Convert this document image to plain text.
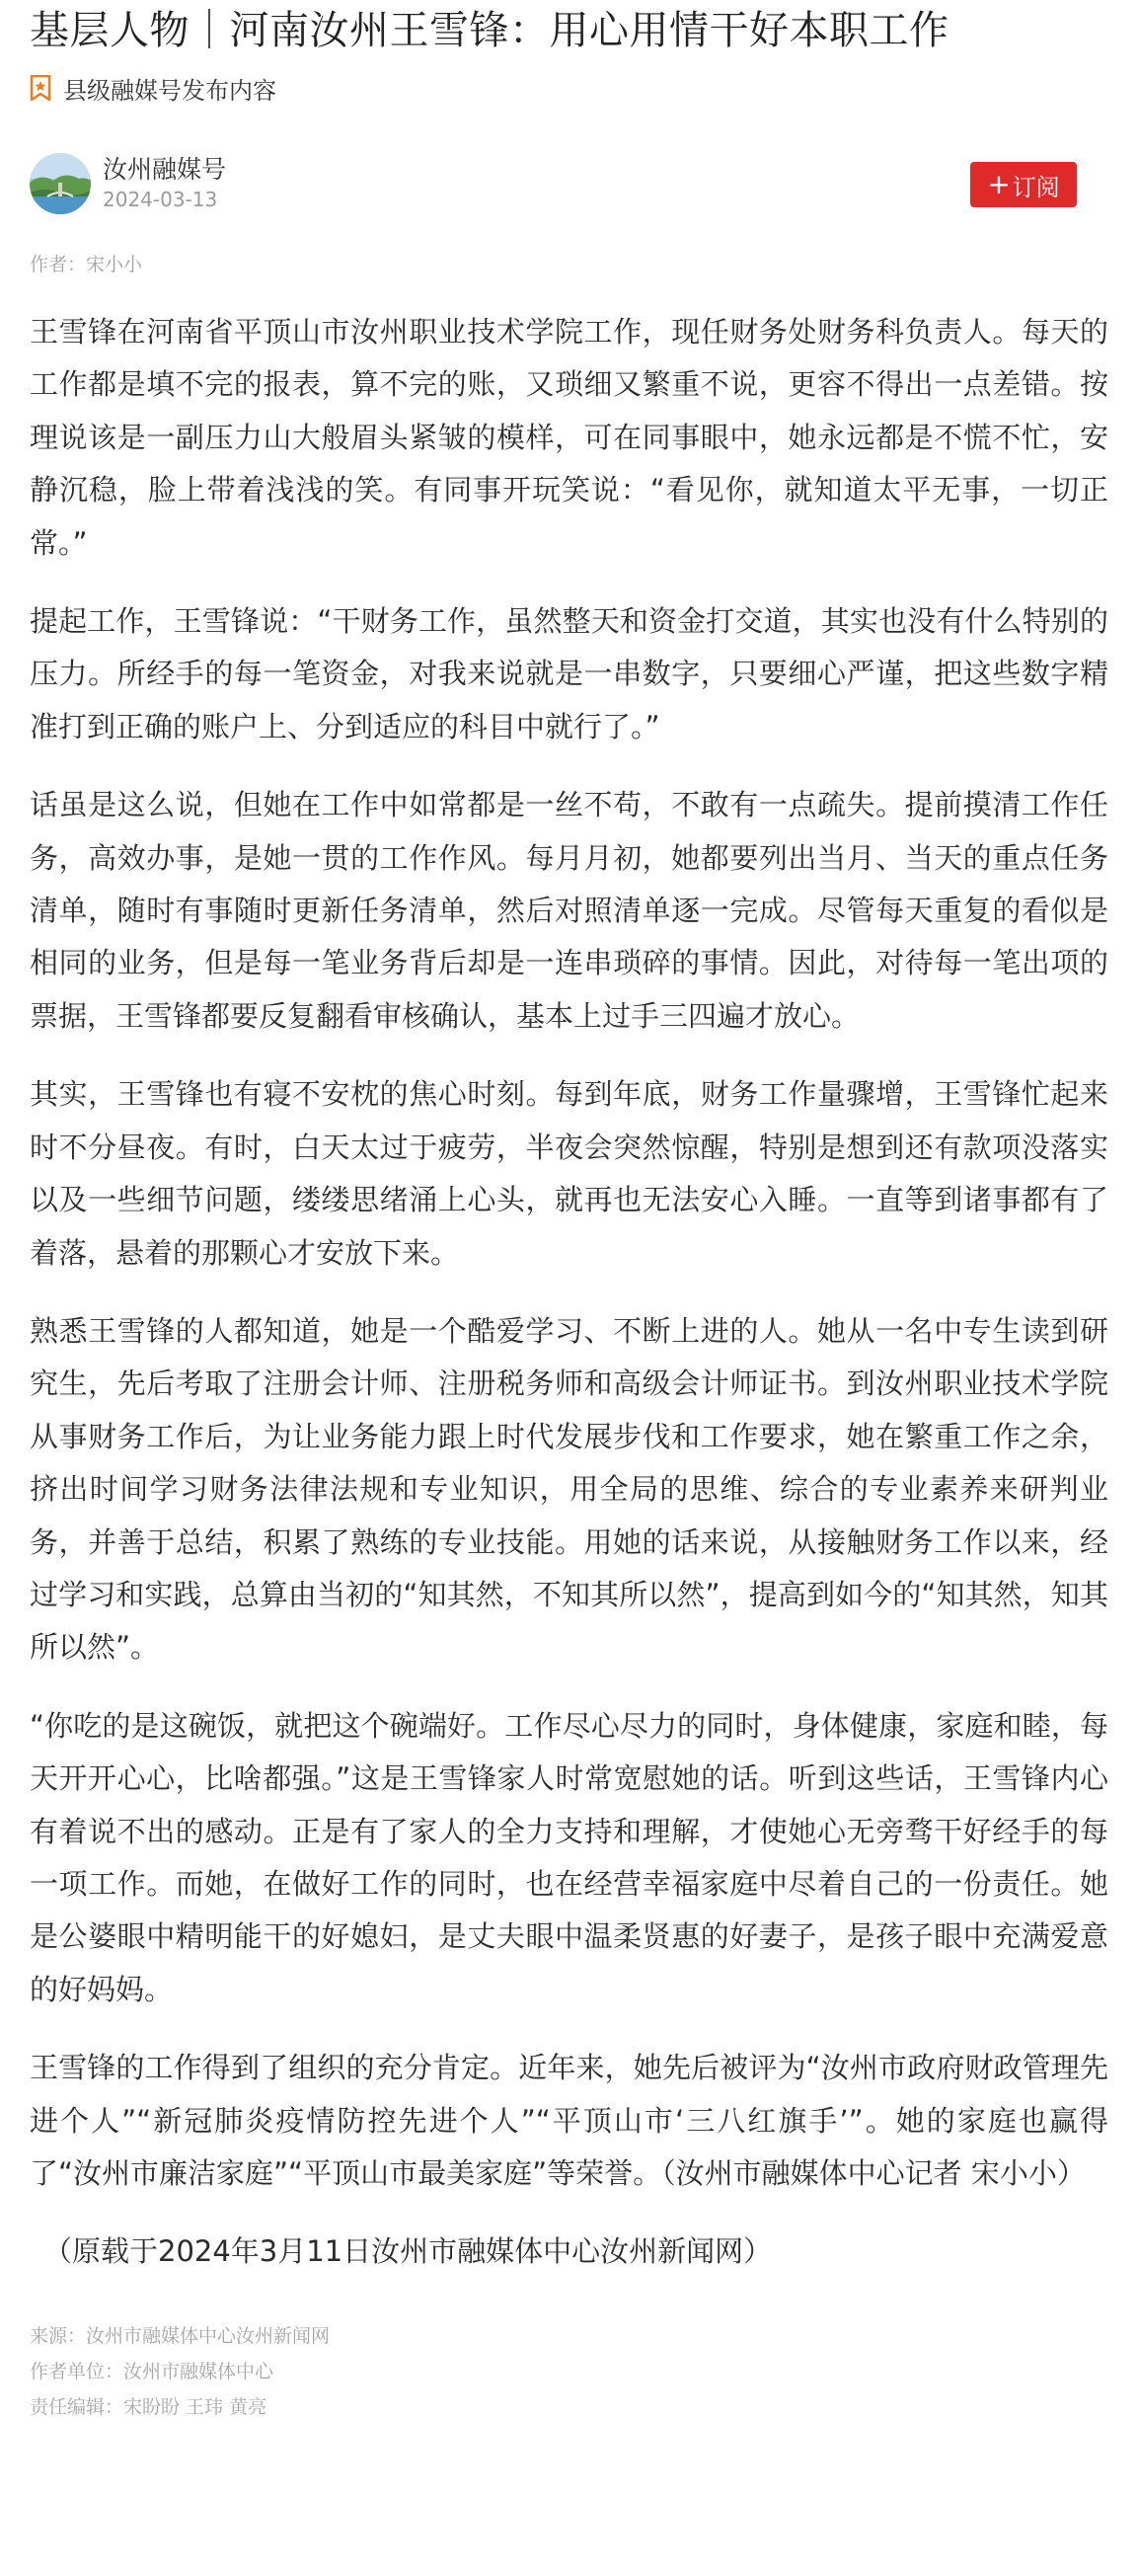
基层人物｜河南汝州王雪锋：用心用情干好本职工作
县级融媒号发布内容
汝州融媒号
2024-03-13	+ 订阅
作者：宋小小

王雪锋在河南省平顶山市汝州职业技术学院工作，现任财务处财务科负责人。每天的工作都是填不完的报表，算不完的账，又琐细又繁重不说，更容不得出一点差错。按理说该是一副压力山大般眉头紧皱的模样，可在同事眼中，她永远都是不慌不忙，安静沉稳，脸上带着浅浅的笑。有同事开玩笑说：“看见你，就知道太平无事，一切正常。”

提起工作，王雪锋说：“干财务工作，虽然整天和资金打交道，其实也没有什么特别的压力。所经手的每一笔资金，对我来说就是一串数字，只要细心严谨，把这些数字精准打到正确的账户上、分到适应的科目中就行了。”

话虽是这么说，但她在工作中如常都是一丝不苟，不敢有一点疏失。提前摸清工作任务，高效办事，是她一贯的工作作风。每月月初，她都要列出当月、当天的重点任务清单，随时有事随时更新任务清单，然后对照清单逐一完成。尽管每天重复的看似是相同的业务，但是每一笔业务背后却是一连串琐碎的事情。因此，对待每一笔出项的票据，王雪锋都要反复翻看审核确认，基本上过手三四遍才放心。

其实，王雪锋也有寝不安枕的焦心时刻。每到年底，财务工作量骤增，王雪锋忙起来时不分昼夜。有时，白天太过于疲劳，半夜会突然惊醒，特别是想到还有款项没落实以及一些细节问题，缕缕思绪涌上心头，就再也无法安心入睡。一直等到诸事都有了着落，悬着的那颗心才安放下来。

熟悉王雪锋的人都知道，她是一个酷爱学习、不断上进的人。她从一名中专生读到研究生，先后考取了注册会计师、注册税务师和高级会计师证书。到汝州职业技术学院从事财务工作后，为让业务能力跟上时代发展步伐和工作要求，她在繁重工作之余，挤出时间学习财务法律法规和专业知识，用全局的思维、综合的专业素养来研判业务，并善于总结，积累了熟练的专业技能。用她的话来说，从接触财务工作以来，经过学习和实践，总算由当初的“知其然，不知其所以然”，提高到如今的“知其然，知其所以然”。

“你吃的是这碗饭，就把这个碗端好。工作尽心尽力的同时，身体健康，家庭和睦，每天开开心心，比啥都强。”这是王雪锋家人时常宽慰她的话。听到这些话，王雪锋内心有着说不出的感动。正是有了家人的全力支持和理解，才使她心无旁骛干好经手的每一项工作。而她，在做好工作的同时，也在经营幸福家庭中尽着自己的一份责任。她是公婆眼中精明能干的好媳妇，是丈夫眼中温柔贤惠的好妻子，是孩子眼中充满爱意的好妈妈。

王雪锋的工作得到了组织的充分肯定。近年来，她先后被评为“汝州市政府财政管理先进个人”“新冠肺炎疫情防控先进个人”“平顶山市‘三八红旗手’”。她的家庭也赢得了“汝州市廉洁家庭”“平顶山市最美家庭”等荣誉。（汝州市融媒体中心记者 宋小小）

（原载于2024年3月11日汝州市融媒体中心汝州新闻网）

来源：汝州市融媒体中心汝州新闻网
作者单位：汝州市融媒体中心
责任编辑：宋盼盼 王玮 黄亮
